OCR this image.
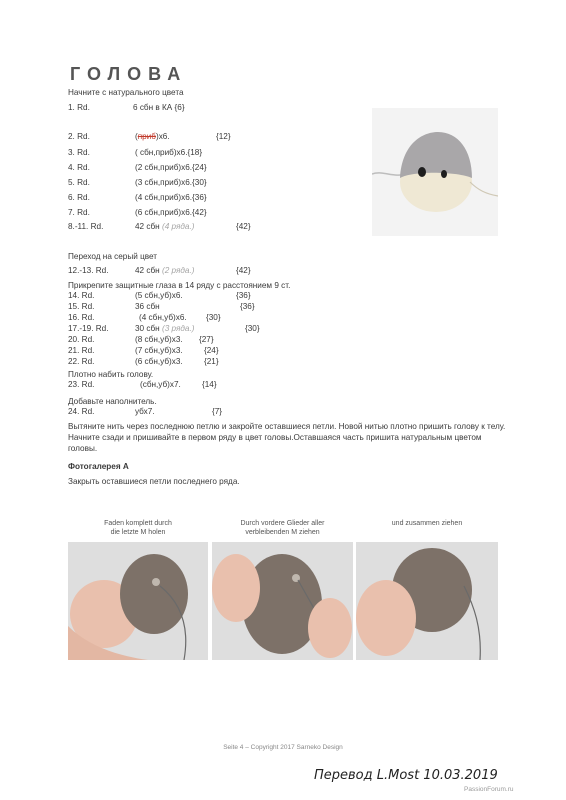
ГОЛОВА
Начните с натурального цвета
1. Rd.	6 сбн в КА {6}
2. Rd.	(приб)х6.	{12}
3. Rd.	( сбн,приб)х6.{18}
4. Rd.	(2 сбн,приб)х6.{24}
5. Rd.	(3 сбн,приб)х6.{30}
6. Rd.	(4 сбн,приб)х6.{36}
7. Rd.	(6 сбн,приб)х6.{42}
8.-11. Rd.	42 сбн (4 ряда.)	{42}
Переход на серый цвет
12.-13. Rd.	42 сбн (2 ряда.)	{42}
Прикрепите защитные глаза в 14 ряду с расстоянием 9 ст.
14. Rd.	(5 сбн,уб)х6.	{36}
15. Rd.	36 сбн	{36}
16. Rd.	(4 сбн,уб)х6. {30}
17.-19. Rd.	30 сбн (3 ряда.)	{30}
20. Rd.	(8 сбн,уб)х3. {27}
21. Rd.	(7 сбн,уб)х3.	{24}
22. Rd.	(6 сбн,уб)х3.	{21}
Плотно набить голову.
23. Rd.	(сбн,уб)х7.	{14}
Добавьте наполнитель.
24. Rd.	убх7.	{7}
Вытяните нить через последнюю петлю и закройте оставшиеся петли. Новой нитью плотно пришить голову к телу. Начните сзади и пришивайте в первом ряду в цвет головы.Оставшаяся часть пришита натуральным цветом головы.
Фотогалерея А
Закрыть оставшиеся петли последнего ряда.
Faden komplett durch
die letzte M holen
Durch vordere Glieder aller
verbleibenden M ziehen
und zusammen ziehen
Seite 4 – Copyright 2017 Sarneko Design
Перевод L.Most 10.03.2019
PassionForum.ru
